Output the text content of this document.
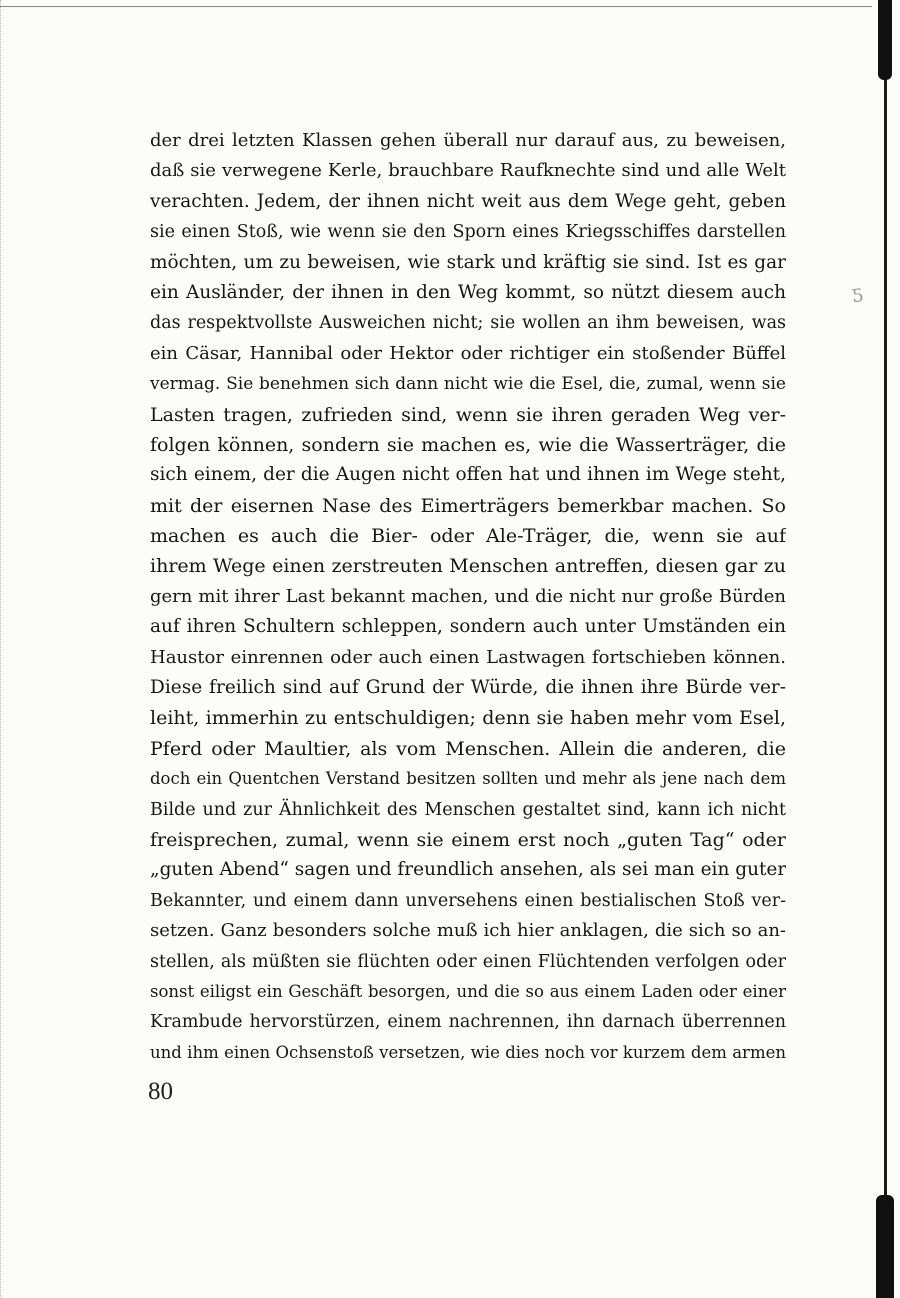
ƽ
der drei letzten Klassen gehen überall nur darauf aus, zu beweisen,
daß sie verwegene Kerle, brauchbare Raufknechte sind und alle Welt
verachten. Jedem, der ihnen nicht weit aus dem Wege geht, geben
sie einen Stoß, wie wenn sie den Sporn eines Kriegsschiffes darstellen
möchten, um zu beweisen, wie stark und kräftig sie sind. Ist es gar
ein Ausländer, der ihnen in den Weg kommt, so nützt diesem auch
das respektvollste Ausweichen nicht; sie wollen an ihm beweisen, was
ein Cäsar, Hannibal oder Hektor oder richtiger ein stoßender Büffel
vermag. Sie benehmen sich dann nicht wie die Esel, die, zumal, wenn sie
Lasten tragen, zufrieden sind, wenn sie ihren geraden Weg ver-
folgen können, sondern sie machen es, wie die Wasserträger, die
sich einem, der die Augen nicht offen hat und ihnen im Wege steht,
mit der eisernen Nase des Eimerträgers bemerkbar machen. So
machen es auch die Bier- oder Ale-Träger, die, wenn sie auf
ihrem Wege einen zerstreuten Menschen antreffen, diesen gar zu
gern mit ihrer Last bekannt machen, und die nicht nur große Bürden
auf ihren Schultern schleppen, sondern auch unter Umständen ein
Haustor einrennen oder auch einen Lastwagen fortschieben können.
Diese freilich sind auf Grund der Würde, die ihnen ihre Bürde ver-
leiht, immerhin zu entschuldigen; denn sie haben mehr vom Esel,
Pferd oder Maultier, als vom Menschen. Allein die anderen, die
doch ein Quentchen Verstand besitzen sollten und mehr als jene nach dem
Bilde und zur Ähnlichkeit des Menschen gestaltet sind, kann ich nicht
freisprechen, zumal, wenn sie einem erst noch „guten Tag“ oder
„guten Abend“ sagen und freundlich ansehen, als sei man ein guter
Bekannter, und einem dann unversehens einen bestialischen Stoß ver-
setzen. Ganz besonders solche muß ich hier anklagen, die sich so an-
stellen, als müßten sie flüchten oder einen Flüchtenden verfolgen oder
sonst eiligst ein Geschäft besorgen, und die so aus einem Laden oder einer
Krambude hervorstürzen, einem nachrennen, ihn darnach überrennen
und ihm einen Ochsenstoß versetzen, wie dies noch vor kurzem dem armen
80
